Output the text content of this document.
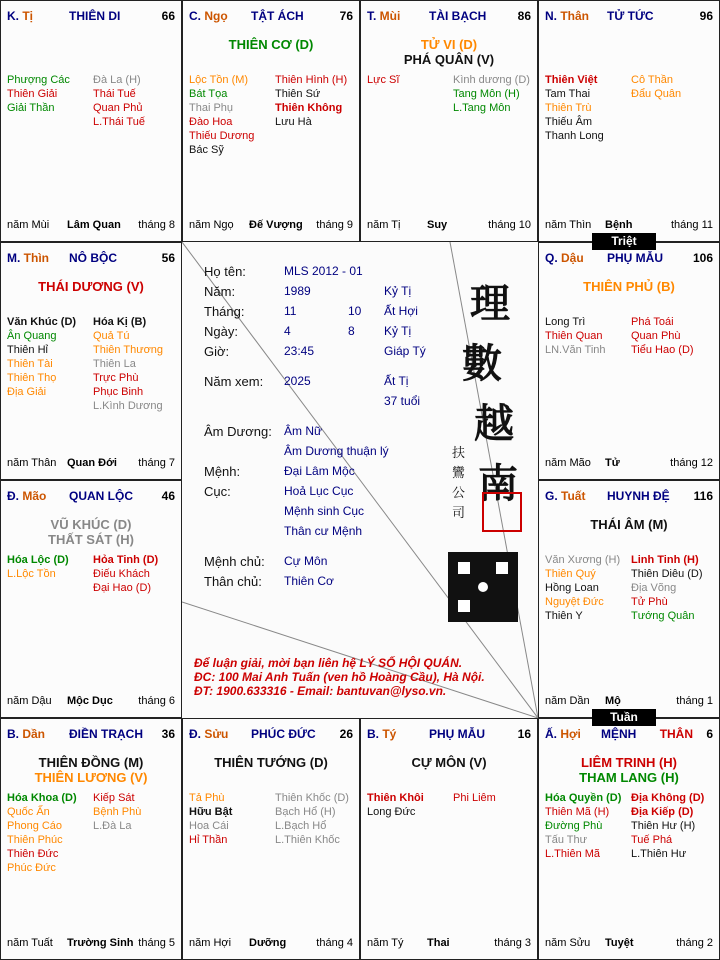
Ấ. Hợi MỆNH THÂN 6
LIÊM TRINH (H)
THAM LANG (H)
Hóa Quyền (D)
Thiên Mã (H)
Đường Phù
Tấu Thư
L.Thiên Mã
Địa Không (D)
Địa Kiếp (D)
Thiên Hư (H)
Tuế Phá
L.Thiên Hư
năm Sửu Tuyệt	tháng 2
B. Tý	PHỤ MẪU	16
CỰ MÔN (V)
Thiên Khôi
Long Đức
Phi Liêm
năm Tý Thai	tháng 3
Đ. Sửu PHÚC ĐỨC 26
THIÊN TƯỚNG (D)
Tả Phù
Hữu Bật
Hoa Cái
Hỉ Thần
Thiên Khốc (D)
Bạch Hổ (H)
L.Bạch Hổ
L.Thiên Khốc
năm Hợi Dưỡng	tháng 4
B. Dần ĐIỀN TRẠCH 36
THIÊN ĐỒNG (M)
THIÊN LƯƠNG (V)
Hóa Khoa (D)
Quốc Ấn
Phong Cáo
Thiên Phúc
Thiên Đức
Phúc Đức
Kiếp Sát
Bệnh Phù
L.Đà La
năm Tuất Trường Sinh tháng 5
G. Tuất HUYNH ĐỆ 116
THÁI ÂM (M)
Văn Xương (H)
Thiên Quý
Hồng Loan
Nguyệt Đức
Thiên Y
Linh Tinh (H)
Thiên Diêu (D)
Địa Võng
Tử Phù
Tướng Quân
năm Dần Mộ	tháng 1
Đ. Mão QUAN LỘC 46
VŨ KHÚC (D)
THẤT SÁT (H)
Hóa Lộc (D)
L.Lộc Tồn
Hỏa Tinh (D)
Điếu Khách
Đại Hao (D)
năm Dậu Mộc Dục tháng 6
Q. Dậu PHỤ MẪU 106
THIÊN PHỦ (B)
Long Trì
Thiên Quan
LN.Văn Tinh
Phá Toái
Quan Phù
Tiểu Hao (D)
năm Mão Tử	tháng 12
M. Thìn NÔ BỘC	56
THÁI DƯƠNG (V)
Văn Khúc (D)
Ân Quang
Thiên Hỉ
Thiên Tài
Thiên Thọ
Địa Giải
Hóa Kị (B)
Quả Tú
Thiên Thương
Thiên La
Trực Phù
Phục Binh
L.Kình Dương
năm Thân Quan Đới tháng 7
N. Thân TỬ TỨC	96
Thiên Việt
Tam Thai
Thiên Trù
Thiếu Âm
Thanh Long
Cô Thần
Đẩu Quân
năm Thìn Bệnh	tháng 11
T. Mùi TÀI BẠCH	86
TỬ VI (D)
PHÁ QUÂN (V)
Lực Sĩ	Kình dương (D)
Tang Môn (H)
L.Tang Môn
năm Tị Suy	tháng 10
C. Ngọ TẬT ÁCH	76
THIÊN CƠ (D)
Lộc Tồn (M)
Bát Tọa
Thai Phụ
Đào Hoa
Thiếu Dương
Bác Sỹ
Thiên Hình (H)
Thiên Sứ
Thiên Không
Lưu Hà
năm Ngọ Đế Vượng tháng 9
K. Tị	THIÊN DI	66
Phượng Các
Thiên Giải
Giải Thần
Đà La (H)
Thái Tuế
Quan Phủ
L.Thái Tuế
năm Mùi Lâm Quan tháng 8
Họ tên:	MLS 2012 - 01
Năm:	1989	Kỷ Tị
Tháng:	11	10 Ất Hợi
Ngày:	4	8 Kỷ Tị
Giờ:	23:45	Giáp Tý
Năm xem: 2025	Ất Tị
37 tuổi
Âm Dương: Âm Nữ
Âm Dương thuận lý
Mệnh:	Đại Lâm Mộc
Cục:	Hoả Lục Cục
Mệnh sinh Cục
Thân cư Mệnh
Mệnh chủ: Cự Môn
Thân chủ: Thiên Cơ
理
數
越
南
扶
鸞
公
司
Để luận giải, mời bạn liên hệ LÝ SỐ HỘI QUÁN.
ĐC: 100 Mai Anh Tuấn (ven hồ Hoàng Cầu), Hà Nội.
ĐT: 1900.633316 - Email: bantuvan@lyso.vn.
Triệt
Tuần
